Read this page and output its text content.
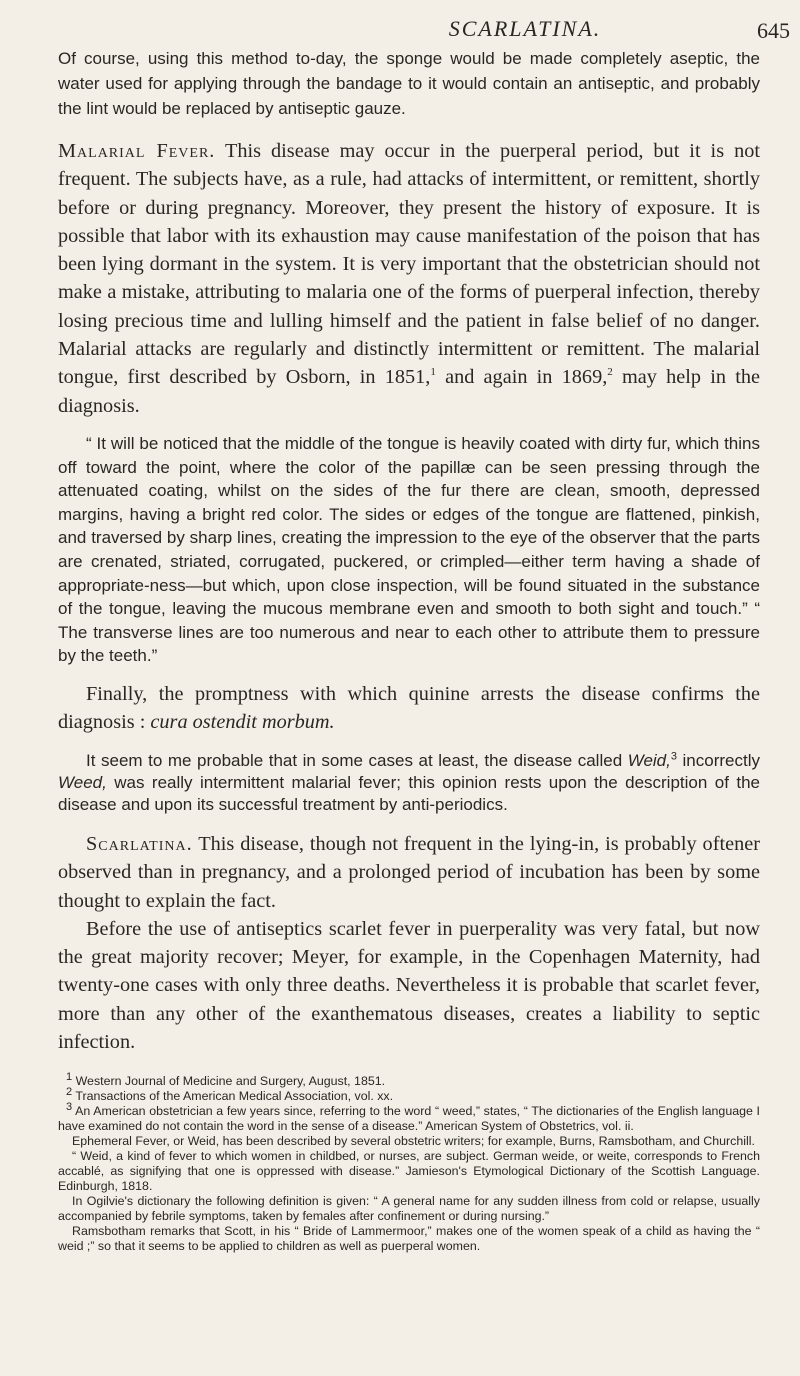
SCARLATINA.	645

Of course, using this method to-day, the sponge would be made completely aseptic, the water used for applying through the bandage to it would contain an antiseptic, and probably the lint would be replaced by antiseptic gauze.

Malarial Fever. This disease may occur in the puerperal period, but it is not frequent. The subjects have, as a rule, had attacks of intermittent, or remittent, shortly before or during pregnancy. Moreover, they present the history of exposure. It is possible that labor with its exhaustion may cause manifestation of the poison that has been lying dormant in the system. It is very important that the obstetrician should not make a mistake, attributing to malaria one of the forms of puerperal infection, thereby losing precious time and lulling himself and the patient in false belief of no danger. Malarial attacks are regularly and distinctly intermittent or remittent. The malarial tongue, first described by Osborn, in 1851,$^1$ and again in 1869,$^2$ may help in the diagnosis.

“ It will be noticed that the middle of the tongue is heavily coated with dirty fur, which thins off toward the point, where the color of the papillæ can be seen pressing through the attenuated coating, whilst on the sides of the fur there are clean, smooth, depressed margins, having a bright red color. The sides or edges of the tongue are flattened, pinkish, and traversed by sharp lines, creating the impression to the eye of the observer that the parts are crenated, striated, corrugated, puckered, or crimpled—either term having a shade of appropriate-ness—but which, upon close inspection, will be found situated in the substance of the tongue, leaving the mucous membrane even and smooth to both sight and touch.” “ The transverse lines are too numerous and near to each other to attribute them to pressure by the teeth.”

Finally, the promptness with which quinine arrests the disease confirms the diagnosis : cura ostendit morbum.

It seem to me probable that in some cases at least, the disease called Weid,$^3$ incorrectly Weed, was really intermittent malarial fever; this opinion rests upon the description of the disease and upon its successful treatment by anti-periodics.

Scarlatina. This disease, though not frequent in the lying-in, is probably oftener observed than in pregnancy, and a prolonged period of incubation has been by some thought to explain the fact.

Before the use of antiseptics scarlet fever in puerperality was very fatal, but now the great majority recover; Meyer, for example, in the Copenhagen Maternity, had twenty-one cases with only three deaths. Nevertheless it is probable that scarlet fever, more than any other of the exanthematous diseases, creates a liability to septic infection.

$^1$ Western Journal of Medicine and Surgery, August, 1851.

$^2$ Transactions of the American Medical Association, vol. xx.

$^3$ An American obstetrician a few years since, referring to the word “ weed,” states, “ The dictionaries of the English language I have examined do not contain the word in the sense of a disease.” American System of Obstetrics, vol. ii.

Ephemeral Fever, or Weid, has been described by several obstetric writers; for example, Burns, Ramsbotham, and Churchill.

“ Weid, a kind of fever to which women in childbed, or nurses, are subject. German weide, or weite, corresponds to French accablé, as signifying that one is oppressed with disease.” Jamieson's Etymological Dictionary of the Scottish Language. Edinburgh, 1818.

In Ogilvie's dictionary the following definition is given: “ A general name for any sudden illness from cold or relapse, usually accompanied by febrile symptoms, taken by females after confinement or during nursing.”

Ramsbotham remarks that Scott, in his “ Bride of Lammermoor,” makes one of the women speak of a child as having the “ weid ;” so that it seems to be applied to children as well as puerperal women.
